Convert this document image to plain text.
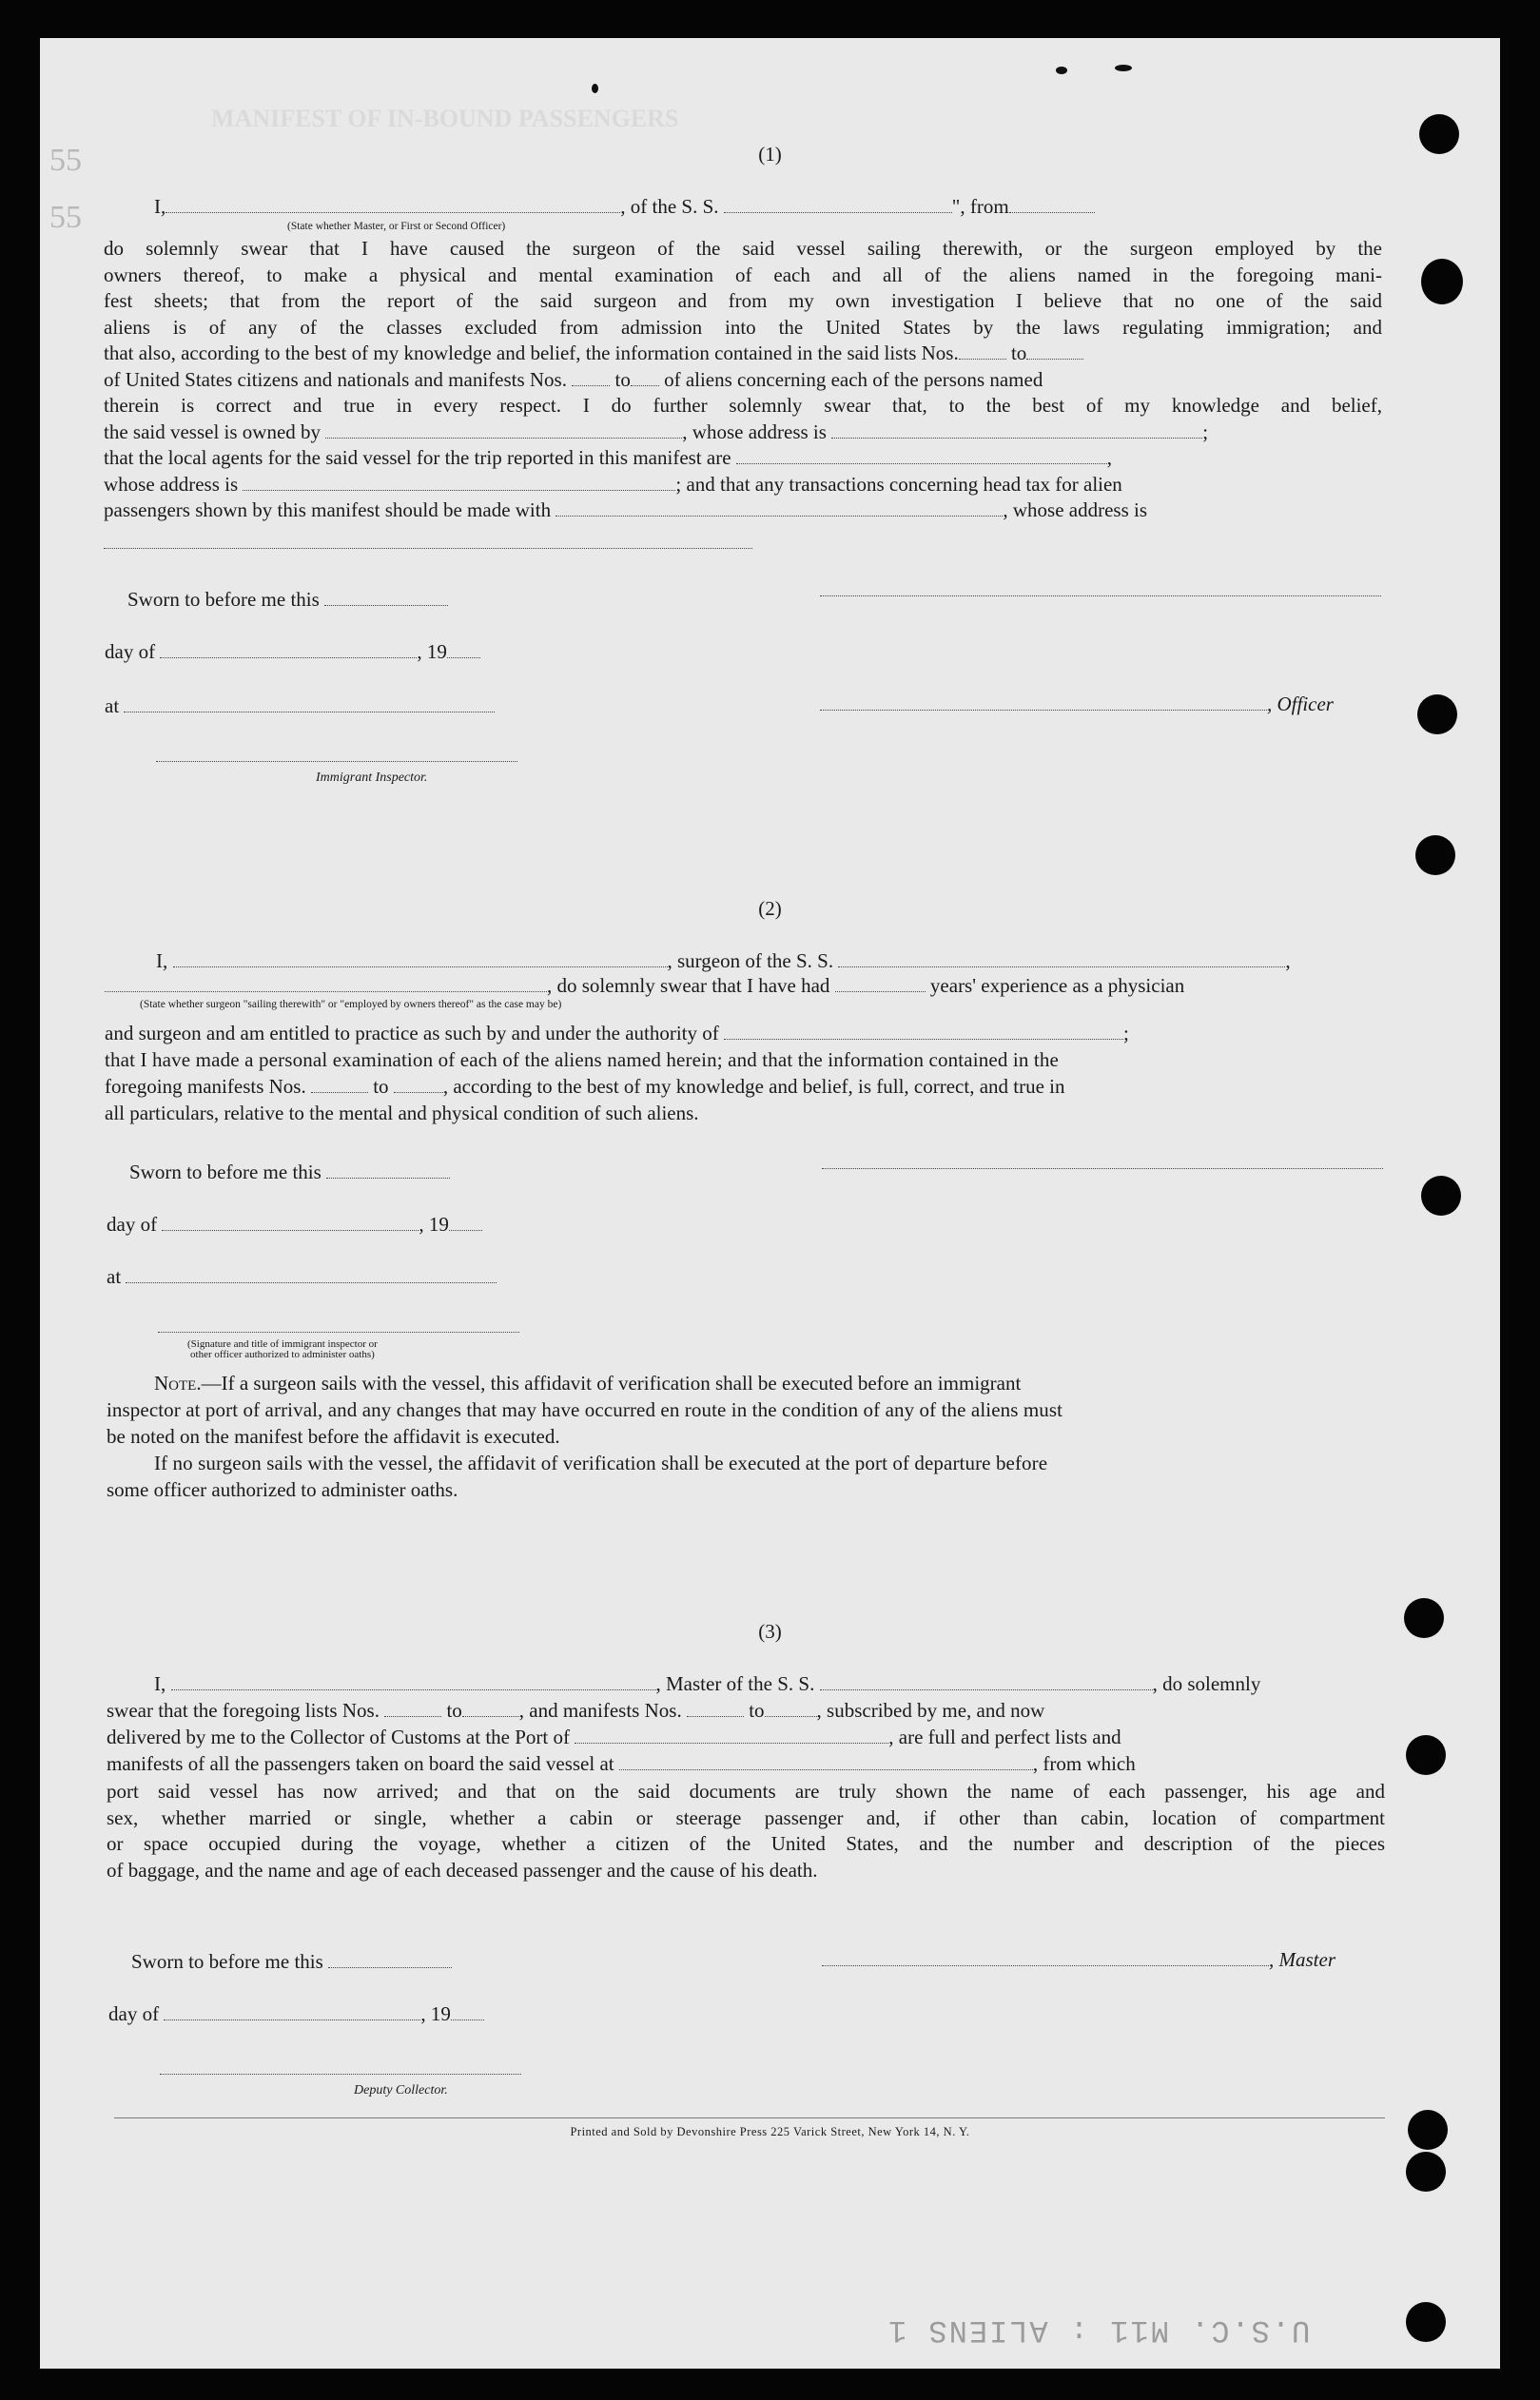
MANIFEST OF IN-BOUND PASSENGERS
55
55
(1)
I,	, of the S. S.	", from
(State whether Master, or First or Second Officer)
do solemnly swear that I have caused the surgeon of the said vessel sailing therewith, or the surgeon employed by the
owners thereof, to make a physical and mental examination of each and all of the aliens named in the foregoing mani-
fest sheets; that from the report of the said surgeon and from my own investigation I believe that no one of the said
aliens is of any of the classes excluded from admission into the United States by the laws regulating immigration; and
that also, according to the best of my knowledge and belief, the information contained in the said lists Nos.	to
of United States citizens and nationals and manifests Nos. to of aliens concerning each of the persons named
therein is correct and true in every respect. I do further solemnly swear that, to the best of my knowledge and belief,
the said vessel is owned by	, whose address is	;
that the local agents for the said vessel for the trip reported in this manifest are	,
whose address is	; and that any transactions concerning head tax for alien
passengers shown by this manifest should be made with	, whose address is
Sworn to before me this
day of	, 19
at	, Officer
Immigrant Inspector.
(2)
I,	, surgeon of the S. S.	,
, do solemnly swear that I have had	years' experience as a physician
(State whether surgeon "sailing therewith" or "employed by owners thereof" as the case may be)
and surgeon and am entitled to practice as such by and under the authority of	;
that I have made a personal examination of each of the aliens named herein; and that the information contained in the
foregoing manifests Nos.	to	, according to the best of my knowledge and belief, is full, correct, and true in
all particulars, relative to the mental and physical condition of such aliens.
Sworn to before me this
day of	, 19
at
(Signature and title of immigrant inspector or
other officer authorized to administer oaths)
Note.—If a surgeon sails with the vessel, this affidavit of verification shall be executed before an immigrant
inspector at port of arrival, and any changes that may have occurred en route in the condition of any of the aliens must
be noted on the manifest before the affidavit is executed.
If no surgeon sails with the vessel, the affidavit of verification shall be executed at the port of departure before
some officer authorized to administer oaths.
(3)
I,	, Master of the S. S.	, do solemnly
swear that the foregoing lists Nos.	to	, and manifests Nos.	to	, subscribed by me, and now
delivered by me to the Collector of Customs at the Port of	, are full and perfect lists and
manifests of all the passengers taken on board the said vessel at	, from which
port said vessel has now arrived; and that on the said documents are truly shown the name of each passenger, his age and
sex, whether married or single, whether a cabin or steerage passenger and, if other than cabin, location of compartment
or space occupied during the voyage, whether a citizen of the United States, and the number and description of the pieces
of baggage, and the name and age of each deceased passenger and the cause of his death.
Sworn to before me this	, Master
day of	, 19
Deputy Collector.
Printed and Sold by Devonshire Press 225 Varick Street, New York 14, N. Y.
U.S.C. M11 : ALIENS 1
